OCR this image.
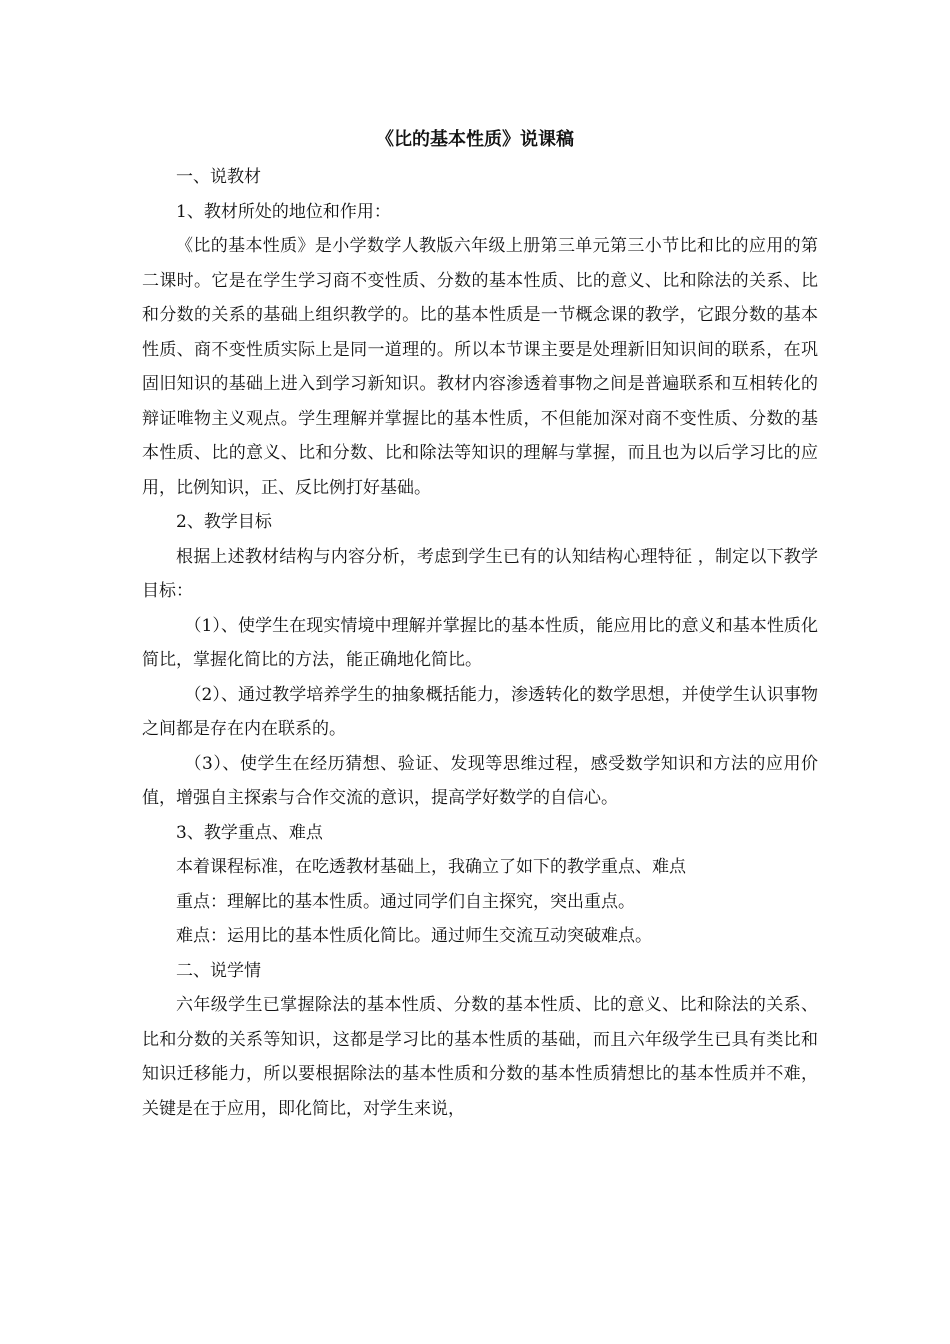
《比的基本性质》说课稿

一、说教材

1、教材所处的地位和作用：

《比的基本性质》是小学数学人教版六年级上册第三单元第三小节比和比的应用的第二课时。它是在学生学习商不变性质、分数的基本性质、比的意义、比和除法的关系、比和分数的关系的基础上组织教学的。比的基本性质是一节概念课的教学，它跟分数的基本性质、商不变性质实际上是同一道理的。所以本节课主要是处理新旧知识间的联系，在巩固旧知识的基础上进入到学习新知识。教材内容渗透着事物之间是普遍联系和互相转化的辩证唯物主义观点。学生理解并掌握比的基本性质，不但能加深对商不变性质、分数的基本性质、比的意义、比和分数、比和除法等知识的理解与掌握，而且也为以后学习比的应用，比例知识，正、反比例打好基础。

2、教学目标

根据上述教材结构与内容分析，考虑到学生已有的认知结构心理特征 ，制定以下教学目标：

（1）、使学生在现实情境中理解并掌握比的基本性质，能应用比的意义和基本性质化简比，掌握化简比的方法，能正确地化简比。

（2）、通过教学培养学生的抽象概括能力，渗透转化的数学思想，并使学生认识事物之间都是存在内在联系的。

（3）、使学生在经历猜想、验证、发现等思维过程，感受数学知识和方法的应用价值，增强自主探索与合作交流的意识，提高学好数学的自信心。

3、教学重点、难点

本着课程标准，在吃透教材基础上，我确立了如下的教学重点、难点

重点：理解比的基本性质。通过同学们自主探究，突出重点。

难点：运用比的基本性质化简比。通过师生交流互动突破难点。

二、说学情

六年级学生已掌握除法的基本性质、分数的基本性质、比的意义、比和除法的关系、比和分数的关系等知识，这都是学习比的基本性质的基础，而且六年级学生已具有类比和知识迁移能力，所以要根据除法的基本性质和分数的基本性质猜想比的基本性质并不难，关键是在于应用，即化简比，对学生来说，
